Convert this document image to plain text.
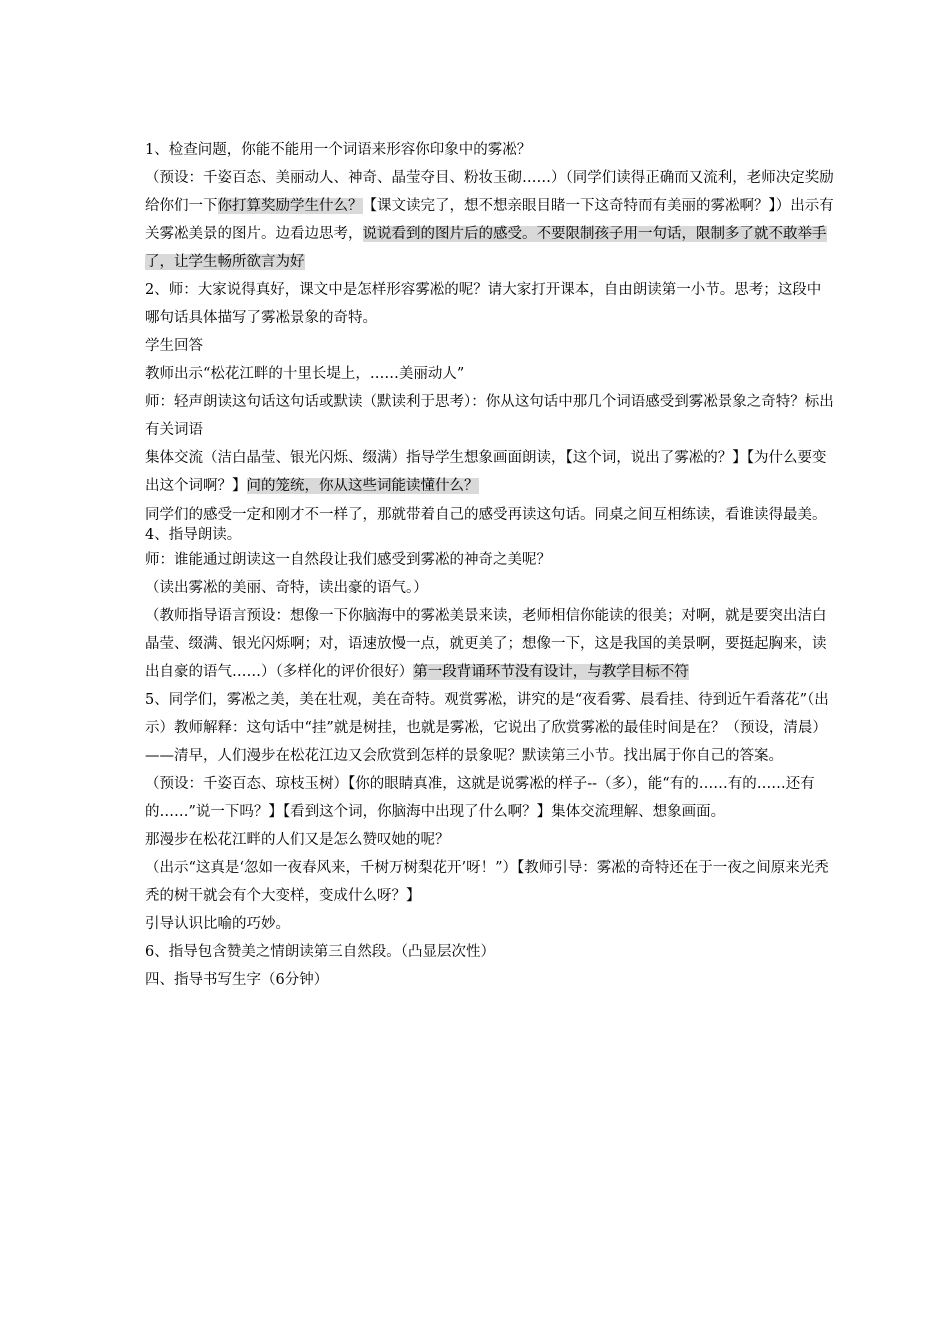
1、检查问题，你能不能用一个词语来形容你印象中的雾凇？

（预设：千姿百态、美丽动人、神奇、晶莹夺目、粉妆玉砌……）（同学们读得正确而又流利，老师决定奖励给你们一下你打算奖励学生什么？【课文读完了，想不想亲眼目睹一下这奇特而有美丽的雾凇啊？】）出示有关雾凇美景的图片。边看边思考，说说看到的图片后的感受。不要限制孩子用一句话，限制多了就不敢举手了，让学生畅所欲言为好

2、师：大家说得真好，课文中是怎样形容雾凇的呢？请大家打开课本，自由朗读第一小节。思考；这段中哪句话具体描写了雾凇景象的奇特。

学生回答

教师出示“松花江畔的十里长堤上，……美丽动人”

师：轻声朗读这句话这句话或默读（默读利于思考）：你从这句话中那几个词语感受到雾凇景象之奇特？标出有关词语

集体交流（洁白晶莹、银光闪烁、缀满）指导学生想象画面朗读，【这个词，说出了雾凇的？】【为什么要变出这个词啊？】问的笼统，你从这些词能读懂什么？

同学们的感受一定和刚才不一样了，那就带着自己的感受再读这句话。同桌之间互相练读，看谁读得最美。

4、指导朗读。

师：谁能通过朗读这一自然段让我们感受到雾凇的神奇之美呢？

（读出雾凇的美丽、奇特，读出豪的语气。）

（教师指导语言预设：想像一下你脑海中的雾凇美景来读，老师相信你能读的很美；对啊，就是要突出洁白晶莹、缀满、银光闪烁啊；对，语速放慢一点，就更美了；想像一下，这是我国的美景啊，要挺起胸来，读出自豪的语气……）（多样化的评价很好）第一段背诵环节没有设计，与教学目标不符

5、同学们，雾凇之美，美在壮观，美在奇特。观赏雾凇，讲究的是“夜看雾、晨看挂、待到近午看落花”（出示）教师解释：这句话中“挂”就是树挂，也就是雾凇，它说出了欣赏雾凇的最佳时间是在？（预设，清晨）

——清早，人们漫步在松花江边又会欣赏到怎样的景象呢？默读第三小节。找出属于你自己的答案。

（预设：千姿百态、琼枝玉树）【你的眼睛真准，这就是说雾凇的样子--（多），能“有的……有的……还有的……”说一下吗？】【看到这个词，你脑海中出现了什么啊？】集体交流理解、想象画面。

那漫步在松花江畔的人们又是怎么赞叹她的呢？

（出示“这真是‘忽如一夜春风来，千树万树梨花开’呀！”）【教师引导：雾凇的奇特还在于一夜之间原来光秃秃的树干就会有个大变样，变成什么呀？】

引导认识比喻的巧妙。

6、指导包含赞美之情朗读第三自然段。（凸显层次性）

四、指导书写生字（6分钟）
